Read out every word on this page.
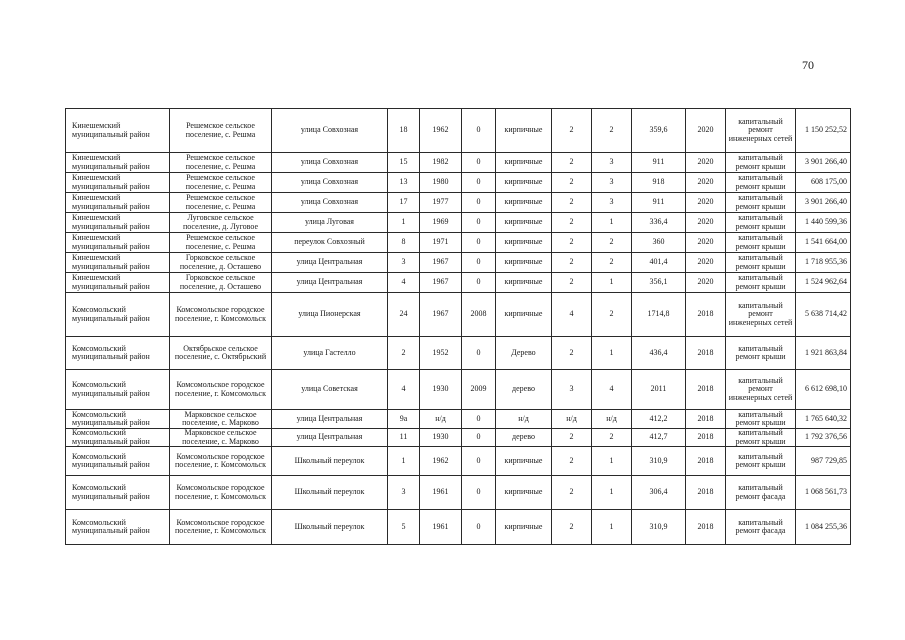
70
Кинешемский муниципальный район	Решемское сельское поселение, с. Решма	улица Совхозная	18	1962	0	кирпичные	2	2	359,6	2020	капитальный ремонт инженерных сетей	1 150 252,52
Кинешемский муниципальный район	Решемское сельское поселение, с. Решма	улица Совхозная	15	1982	0	кирпичные	2	3	911	2020	капитальный ремонт крыши	3 901 266,40
Кинешемский муниципальный район	Решемское сельское поселение, с. Решма	улица Совхозная	13	1980	0	кирпичные	2	3	918	2020	капитальный ремонт крыши	608 175,00
Кинешемский муниципальный район	Решемское сельское поселение, с. Решма	улица Совхозная	17	1977	0	кирпичные	2	3	911	2020	капитальный ремонт крыши	3 901 266,40
Кинешемский муниципальный район	Луговское сельское поселение, д. Луговое	улица Луговая	1	1969	0	кирпичные	2	1	336,4	2020	капитальный ремонт крыши	1 440 599,36
Кинешемский муниципальный район	Решемское сельское поселение, с. Решма	переулок Совхозный	8	1971	0	кирпичные	2	2	360	2020	капитальный ремонт крыши	1 541 664,00
Кинешемский муниципальный район	Горковское сельское поселение, д. Осташево	улица Центральная	3	1967	0	кирпичные	2	2	401,4	2020	капитальный ремонт крыши	1 718 955,36
Кинешемский муниципальный район	Горковское сельское поселение, д. Осташево	улица Центральная	4	1967	0	кирпичные	2	1	356,1	2020	капитальный ремонт крыши	1 524 962,64
Комсомольский муниципальный район	Комсомольское городское поселение, г. Комсомольск	улица Пионерская	24	1967	2008	кирпичные	4	2	1714,8	2018	капитальный ремонт инженерных сетей	5 638 714,42
Комсомольский муниципальный район	Октябрьское сельское поселение, с. Октябрьский	улица Гастелло	2	1952	0	Дерево	2	1	436,4	2018	капитальный ремонт крыши	1 921 863,84
Комсомольский муниципальный район	Комсомольское городское поселение, г. Комсомольск	улица Советская	4	1930	2009	дерево	3	4	2011	2018	капитальный ремонт инженерных сетей	6 612 698,10
Комсомольский муниципальный район	Марковское сельское поселение, с. Марково	улица Центральная	9а	н/д	0	н/д	н/д	н/д	412,2	2018	капитальный ремонт крыши	1 765 640,32
Комсомольский муниципальный район	Марковское сельское поселение, с. Марково	улица Центральная	11	1930	0	дерево	2	2	412,7	2018	капитальный ремонт крыши	1 792 376,56
Комсомольский муниципальный район	Комсомольское городское поселение, г. Комсомольск	Школьный переулок	1	1962	0	кирпичные	2	1	310,9	2018	капитальный ремонт крыши	987 729,85
Комсомольский муниципальный район	Комсомольское городское поселение, г. Комсомольск	Школьный переулок	3	1961	0	кирпичные	2	1	306,4	2018	капитальный ремонт фасада	1 068 561,73
Комсомольский муниципальный район	Комсомольское городское поселение, г. Комсомольск	Школьный переулок	5	1961	0	кирпичные	2	1	310,9	2018	капитальный ремонт фасада	1 084 255,36
